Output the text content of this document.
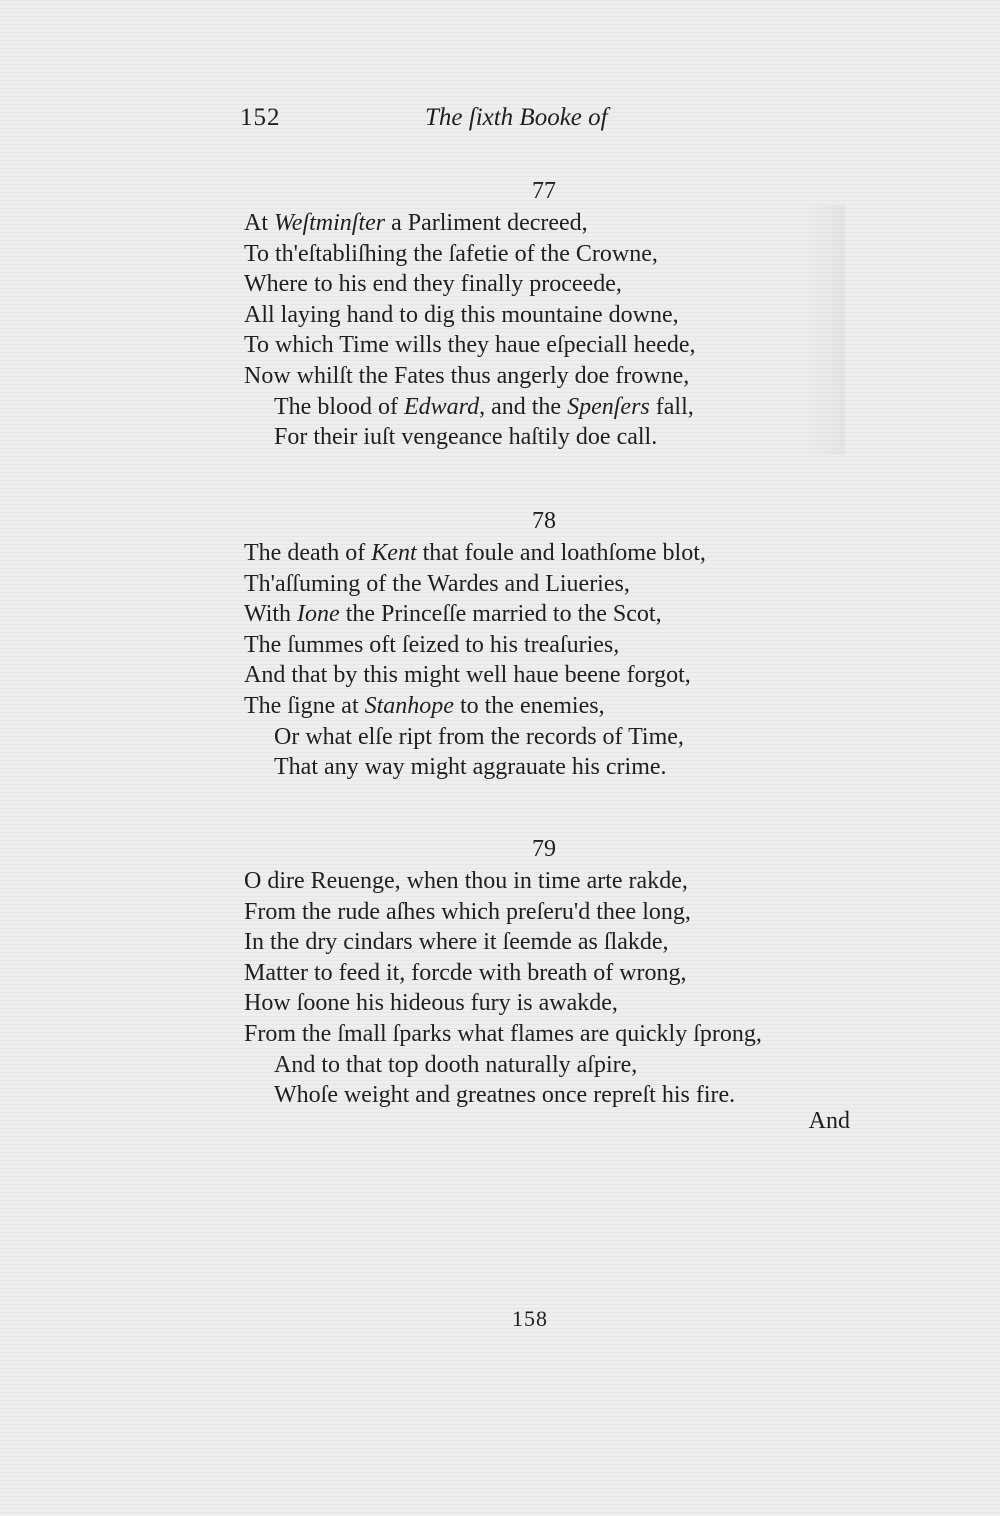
152	The ſixth Booke of
77
At Weſtminſter a Parliment decreed,
To th'eſtabliſhing the ſafetie of the Crowne,
Where to his end they finally proceede,
All laying hand to dig this mountaine downe,
To which Time wills they haue eſpeciall heede,
Now whilſt the Fates thus angerly doe frowne,
The blood of Edward, and the Spenſers fall,
For their iuſt vengeance haſtily doe call.
78
The death of Kent that foule and loathſome blot,
Th'aſſuming of the Wardes and Liueries,
With Ione the Princeſſe married to the Scot,
The ſummes oft ſeized to his treaſuries,
And that by this might well haue beene forgot,
The ſigne at Stanhope to the enemies,
Or what elſe ript from the records of Time,
That any way might aggrauate his crime.
79
O dire Reuenge, when thou in time arte rakde,
From the rude aſhes which preſeru'd thee long,
In the dry cindars where it ſeemde as ſlakde,
Matter to feed it, forcde with breath of wrong,
How ſoone his hideous fury is awakde,
From the ſmall ſparks what flames are quickly ſprong,
And to that top dooth naturally aſpire,
Whoſe weight and greatnes once repreſt his fire.
And
158
